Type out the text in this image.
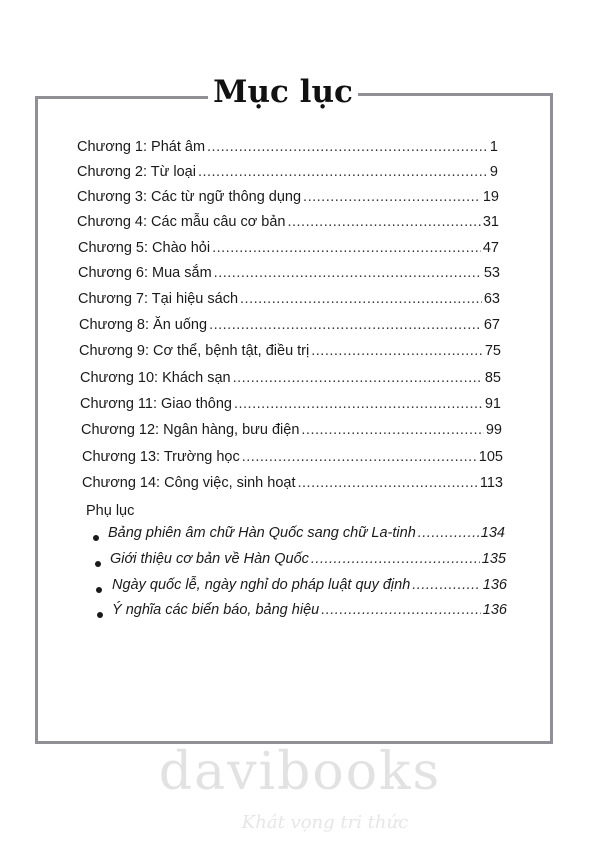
Mục lục
Chương 1: Phát âm .....	1
Chương 2: Từ loại .....	9
Chương 3: Các từ ngữ thông dụng .....	19
Chương 4: Các mẫu câu cơ bản .....	31
Chương 5: Chào hỏi .....	47
Chương 6: Mua sắm .....	53
Chương 7: Tại hiệu sách .....	63
Chương 8: Ăn uống .....	67
Chương 9: Cơ thể, bệnh tật, điều trị .....	75
Chương 10: Khách sạn .....	85
Chương 11: Giao thông .....	91
Chương 12: Ngân hàng, bưu điện .....	99
Chương 13: Trường học .....	105
Chương 14: Công việc, sinh hoạt .....	113
Phụ lục
Bảng phiên âm chữ Hàn Quốc sang chữ La-tinh .....	134
Giới thiệu cơ bản về Hàn Quốc .....	135
Ngày quốc lễ, ngày nghỉ do pháp luật quy định .....	136
Ý nghĩa các biển báo, bảng hiệu .....	136
davibooks
Khát vọng tri thức
